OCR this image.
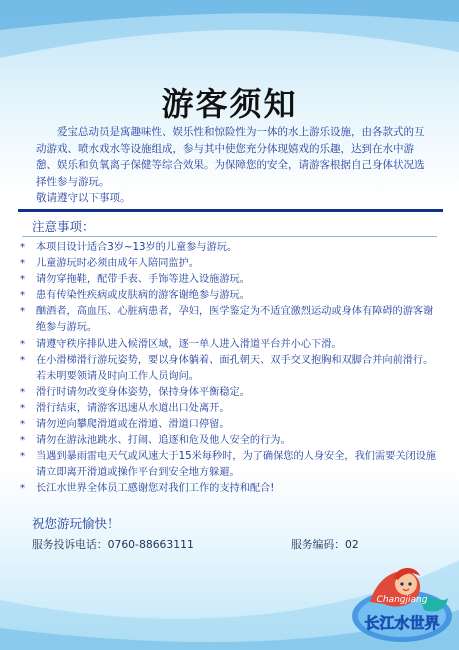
游客须知
爱宝总动员是寓趣味性、娱乐性和惊险性为一体的水上游乐设施，由各款式的互动游戏、喷水戏水等设施组成，参与其中使您充分体现嬉戏的乐趣，达到在水中游憩、娱乐和负氧离子保健等综合效果。为保障您的安全，请游客根据自己身体状况选择性参与游玩。
敬请遵守以下事项。
注意事项：
* 本项目设计适合3岁~13岁的儿童参与游玩。
* 儿童游玩时必须由成年人陪同监护。
* 请勿穿拖鞋，配带手表、手饰等进入设施游玩。
* 患有传染性疾病或皮肤病的游客谢绝参与游玩。
* 酗酒者，高血压、心脏病患者，孕妇，医学鉴定为不适宜激烈运动或身体有障碍的游客谢绝参与游玩。
* 请遵守秩序排队进入候滑区域，逐一单人进入滑道平台并小心下滑。
* 在小滑梯滑行游玩姿势，要以身体躺着、面孔朝天、双手交叉抱胸和双脚合并向前滑行。若未明要领请及时向工作人员询问。
* 滑行时请勿改变身体姿势，保持身体平衡稳定。
* 滑行结束，请游客迅速从水道出口处离开。
* 请勿逆向攀爬滑道或在滑道、滑道口停留。
* 请勿在游泳池跳水、打闹、追逐和危及他人安全的行为。
* 当遇到暴雨雷电天气或风速大于15米每秒时，为了确保您的人身安全，我们需要关闭设施请立即离开滑道或操作平台到安全地方躲避。
* 长江水世界全体员工感谢您对我们工作的支持和配合!
祝您游玩愉快！
服务投诉电话：0760-88663111	服务编码：02
Changjiang
长江水世界
